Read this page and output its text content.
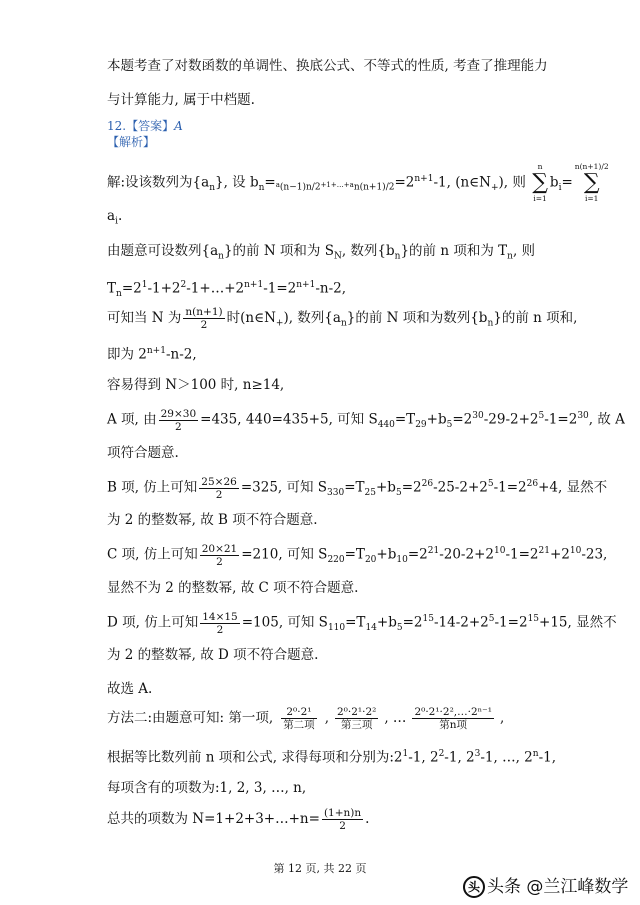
本题考查了对数函数的单调性、换底公式、不等式的性质, 考查了推理能力
与计算能力, 属于中档题.
12.【答案】A
【解析】
解:设该数列为$\{a_n\}$, 设 $b_n=a_{(n-1)n/2}+1+\dots+a_{n(n+1)/2}=2^{n+1}-1$, $(n\in N_+)$, 则
n
∑
i=1
$b_i=$
n(n+1)/2
∑
i=1
$a_i$.
由题意可设数列$\{a_n\}$的前 N 项和为 $S_N$, 数列$\{b_n\}$的前 n 项和为 $T_n$, 则
$T_n=2^1-1+2^2-1+\dots+2^{n+1}-1=2^{n+1}-n-2$,
可知当 N 为 $\frac{n(n+1)}{2}$ 时$(n\in N_+)$, 数列$\{a_n\}$的前 N 项和为数列$\{b_n\}$的前 n 项和,
即为 $2^{n+1}-n-2$,
容易得到 N＞100 时, n≥14,
A 项, 由 $\frac{29\times 30}{2} =435$, 440=435+5, 可知 $S_{440}=T_{29}+b_5=2^{30}-29-2+2^5-1=2^{30}$, 故 A
项符合题意.
B 项, 仿上可知 $\frac{25\times 26}{2} =325$, 可知 $S_{330}=T_{25}+b_5=2^{26}-25-2+2^5-1=2^{26}+4$, 显然不
为 2 的整数幂, 故 B 项不符合题意.
C 项, 仿上可知 $\frac{20\times 21}{2} =210$, 可知 $S_{220}=T_{20}+b_{10}=2^{21}-20-2+2^{10}-1=2^{21}+2^{10}-23$,
显然不为 2 的整数幂, 故 C 项不符合题意.
D 项, 仿上可知 $\frac{14\times 15}{2} =105$, 可知 $S_{110}=T_{14}+b_5=2^{15}-14-2+2^5-1=2^{15}+15$, 显然不
为 2 的整数幂, 故 D 项不符合题意.
故选 A.
方法二:由题意可知: 第一项, $\frac{\text{2⁰·2¹}}{\text{第二项}}$ , $\frac{\text{2⁰·2¹·2²}}{\text{第三项}}$ , … $\frac{\text{2⁰·2¹·2²,…·2ⁿ⁻¹}}{\text{第n项}}$ ,
根据等比数列前 n 项和公式, 求得每项和分别为$:2^1-1$, $2^2-1$, $2^3-1$, …, 2$^n$-1,
每项含有的项数为:1, 2, 3, …, n,
总共的项数为 N=1+2+3+…+n= $\frac{(1+n)n}{2}$ .
第 12 页, 共 22 页
头 头条 @兰江峰数学
